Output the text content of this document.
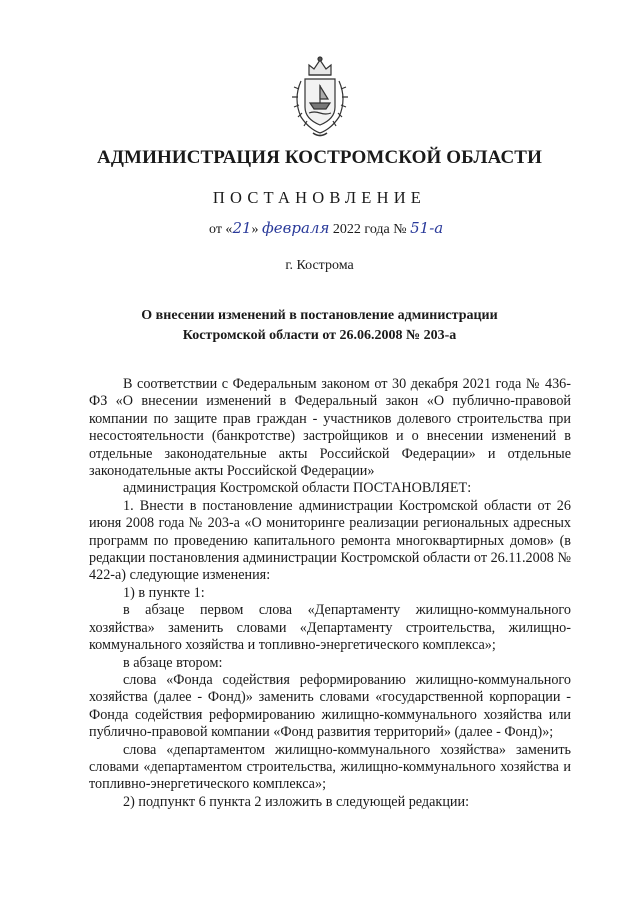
АДМИНИСТРАЦИЯ КОСТРОМСКОЙ ОБЛАСТИ
ПОСТАНОВЛЕНИЕ
от «21» февраля 2022 года № 51-а
г. Кострома
О внесении изменений в постановление администрации
Костромской области от 26.06.2008 № 203-а

В соответствии с Федеральным законом от 30 декабря 2021 года № 436-ФЗ «О внесении изменений в Федеральный закон «О публично-правовой компании по защите прав граждан - участников долевого строительства при несостоятельности (банкротстве) застройщиков и о внесении изменений в отдельные законодательные акты Российской Федерации» и отдельные законодательные акты Российской Федерации»

администрация Костромской области ПОСТАНОВЛЯЕТ:

1. Внести в постановление администрации Костромской области от 26 июня 2008 года № 203-а «О мониторинге реализации региональных адресных программ по проведению капитального ремонта многоквартирных домов» (в редакции постановления администрации Костромской области от 26.11.2008 № 422-а) следующие изменения:

1) в пункте 1:

в абзаце первом слова «Департаменту жилищно-коммунального хозяйства» заменить словами «Департаменту строительства, жилищно-коммунального хозяйства и топливно-энергетического комплекса»;

в абзаце втором:

слова «Фонда содействия реформированию жилищно-коммунального хозяйства (далее - Фонд)» заменить словами «государственной корпорации - Фонда содействия реформированию жилищно-коммунального хозяйства или публично-правовой компании «Фонд развития территорий» (далее - Фонд)»;

слова «департаментом жилищно-коммунального хозяйства» заменить словами «департаментом строительства, жилищно-коммунального хозяйства и топливно-энергетического комплекса»;

2) подпункт 6 пункта 2 изложить в следующей редакции:
